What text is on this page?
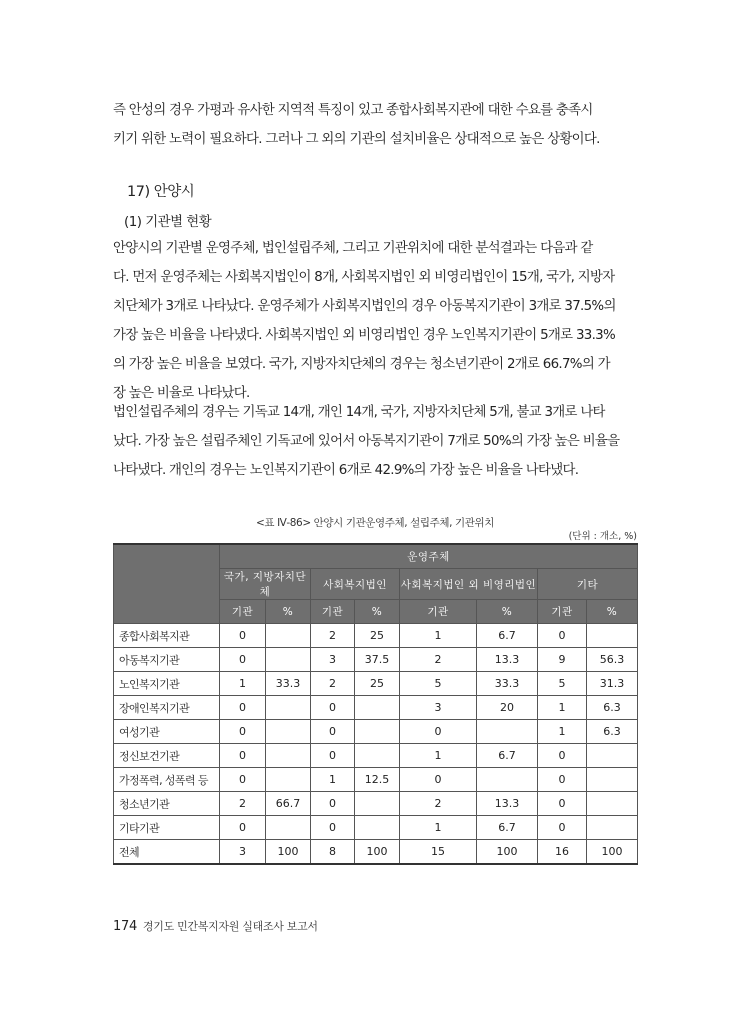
즉 안성의 경우 가평과 유사한 지역적 특징이 있고 종합사회복지관에 대한 수요를 충족시
키기 위한 노력이 필요하다. 그러나 그 외의 기관의 설치비율은 상대적으로 높은 상황이다.
17) 안양시
(1) 기관별 현황
안양시의 기관별 운영주체, 법인설립주체, 그리고 기관위치에 대한 분석결과는 다음과 같
다. 먼저 운영주체는 사회복지법인이 8개, 사회복지법인 외 비영리법인이 15개, 국가, 지방자
치단체가 3개로 나타났다. 운영주체가 사회복지법인의 경우 아동복지기관이 3개로 37.5%의
가장 높은 비율을 나타냈다. 사회복지법인 외 비영리법인 경우 노인복지기관이 5개로 33.3%
의 가장 높은 비율을 보였다. 국가, 지방자치단체의 경우는 청소년기관이 2개로 66.7%의 가
장 높은 비율로 나타났다.
법인설립주체의 경우는 기독교 14개, 개인 14개, 국가, 지방자치단체 5개, 불교 3개로 나타
났다. 가장 높은 설립주체인 기독교에 있어서 아동복지기관이 7개로 50%의 가장 높은 비율을
나타냈다. 개인의 경우는 노인복지기관이 6개로 42.9%의 가장 높은 비율을 나타냈다.
<표 Ⅳ-86> 안양시 기관운영주체, 설립주체, 기관위치
(단위 : 개소, %)
	운영주체							
	국가, 지방자치단체		사회복지법인		사회복지법인 외 비영리법인		기타	
	기관	%	기관	%	기관	%	기관	%
종합사회복지관	0		2	25	1	6.7	0	
아동복지기관	0		3	37.5	2	13.3	9	56.3
노인복지기관	1	33.3	2	25	5	33.3	5	31.3
장애인복지기관	0		0		3	20	1	6.3
여성기관	0		0		0		1	6.3
정신보건기관	0		0		1	6.7	0	
가정폭력, 성폭력 등	0		1	12.5	0		0	
청소년기관	2	66.7	0		2	13.3	0	
기타기관	0		0		1	6.7	0	
전체	3	100	8	100	15	100	16	100
174 경기도 민간복지자원 실태조사 보고서
